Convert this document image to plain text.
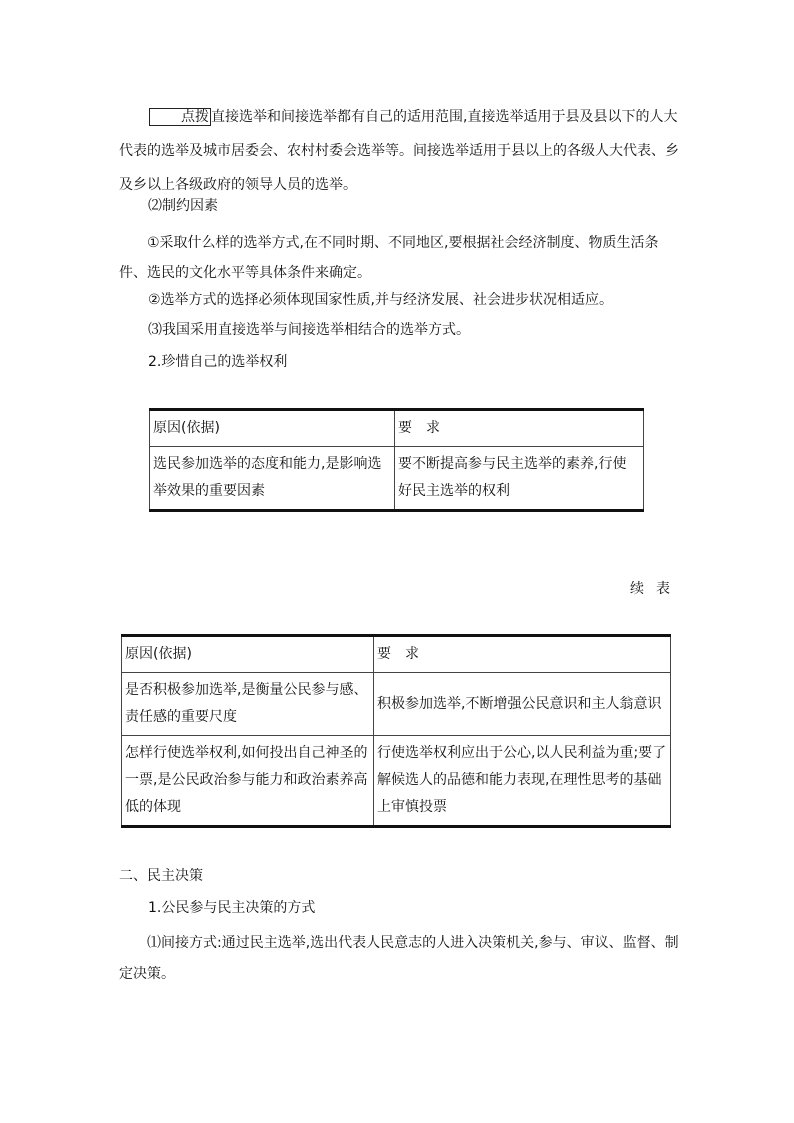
点拨 直接选举和间接选举都有自己的适用范围,直接选举适用于县及县以下的人大代表的选举及城市居委会、农村村委会选举等。间接选举适用于县以上的各级人大代表、乡及乡以上各级政府的领导人员的选举。

⑵制约因素

①采取什么样的选举方式,在不同时期、不同地区,要根据社会经济制度、物质生活条件、选民的文化水平等具体条件来确定。

②选举方式的选择必须体现国家性质,并与经济发展、社会进步状况相适应。

⑶我国采用直接选举与间接选举相结合的选举方式。

2.珍惜自己的选举权利

原因(依据)	要　求
选民参加选举的态度和能力,是影响选举效果的重要因素	要不断提高参与民主选举的素养,行使好民主选举的权利
续表
原因(依据)	要　求
是否积极参加选举,是衡量公民参与感、责任感的重要尺度	积极参加选举,不断增强公民意识和主人翁意识
怎样行使选举权利,如何投出自己神圣的一票,是公民政治参与能力和政治素养高低的体现	行使选举权利应出于公心,以人民利益为重;要了解候选人的品德和能力表现,在理性思考的基础上审慎投票

二、民主决策

1.公民参与民主决策的方式

⑴间接方式:通过民主选举,选出代表人民意志的人进入决策机关,参与、审议、监督、制定决策。
